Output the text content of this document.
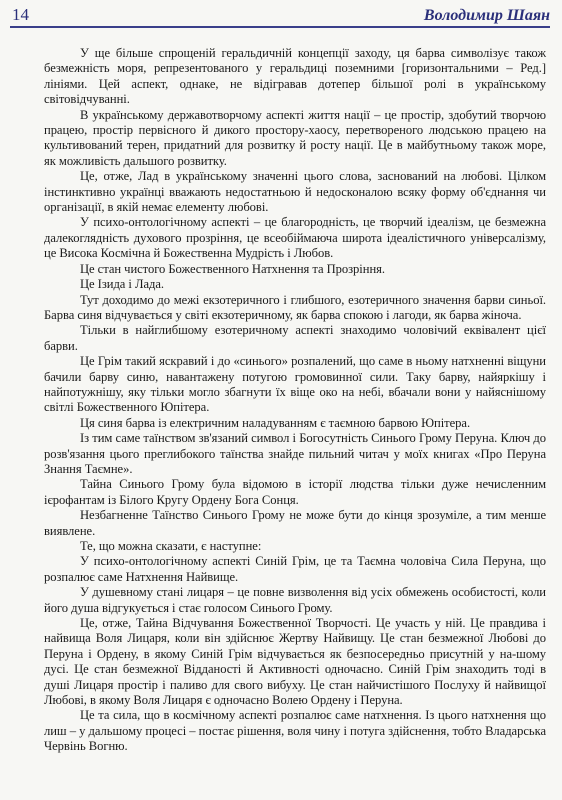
14	Володимир Шаян

У ще більше спрощеній геральдичній концепції заходу, ця барва символізує також безмежність моря, репрезентованого у геральдиці поземними [горизонтальними – Ред.] лініями. Цей аспект, однаке, не відігравав дотепер більшої ролі в українському світовідчуванні.

В українському державотворчому аспекті життя нації – це простір, здобутий творчою працею, простір первісного й дикого простору-хаосу, перетвореного людською працею на культивований терен, придатний для розвитку й росту нації. Це в майбутньому також море, як можливість дальшого розвитку.

Це, отже, Лад в українському значенні цього слова, заснований на любові. Цілком інстинктивно українці вважають недостатньою й недосконалою всяку форму об'єднання чи організації, в якій немає елементу любові.

У психо-онтологічному аспекті – це благородність, це творчий ідеалізм, це безмежна далекоглядність духового прозріння, це всеобіймаюча широта ідеалістичного універсалізму, це Висока Космічна й Божественна Мудрість і Любов.

Це стан чистого Божественного Натхнення та Прозріння.

Це Ізида і Лада.

Тут доходимо до межі екзотеричного і глибшого, езотеричного значення барви синьої. Барва синя відчувається у світі екзотеричному, як барва спокою і лагоди, як барва жіноча.

Тільки в найглибшому езотеричному аспекті знаходимо чоловічий еквівалент цієї барви.

Це Грім такий яскравий і до «синього» розпалений, що саме в ньому натхненні віщуни бачили барву синю, навантажену потугою громовинної сили. Таку барву, найяркішу і найпотужнішу, яку тільки могло збагнути їх віще око на небі, вбачали вони у найяснішому світлі Божественного Юпітера.

Ця синя барва із електричним наладуванням є таємною барвою Юпітера.

Із тим саме таїнством зв'язаний символ і Богосутність Синього Грому Перуна. Ключ до розв'язання цього преглибокого таїнства знайде пильний читач у моїх книгах «Про Перуна Знання Таємне».

Тайна Синього Грому була відомою в історії людства тільки дуже нечисленним ієрофантам із Білого Кругу Ордену Бога Сонця.

Незбагненне Таїнство Синього Грому не може бути до кінця зрозуміле, а тим менше виявлене.

Те, що можна сказати, є наступне:

У психо-онтологічному аспекті Синій Грім, це та Таємна чоловіча Сила Перуна, що розпалює саме Натхнення Найвище.

У душевному стані лицаря – це повне визволення від усіх обмежень особистості, коли його душа відгукується і стає голосом Синього Грому.

Це, отже, Тайна Відчування Божественної Творчості. Це участь у ній. Це правдива і найвища Воля Лицаря, коли він здійснює Жертву Найвищу. Це стан безмежної Любові до Перуна і Ордену, в якому Синій Грім відчувається як безпосередньо присутній у на-шому дусі. Це стан безмежної Відданості й Активності одночасно. Синій Грім знаходить тоді в душі Лицаря простір і паливо для свого вибуху. Це стан найчистішого Послуху й найвищої Любові, в якому Воля Лицаря є одночасно Волею Ордену і Перуна.

Це та сила, що в космічному аспекті розпалює саме натхнення. Із цього натхнення що лиш – у дальшому процесі – постає рішення, воля чину і потуга здійснення, тобто Владарська Червінь Вогню.
